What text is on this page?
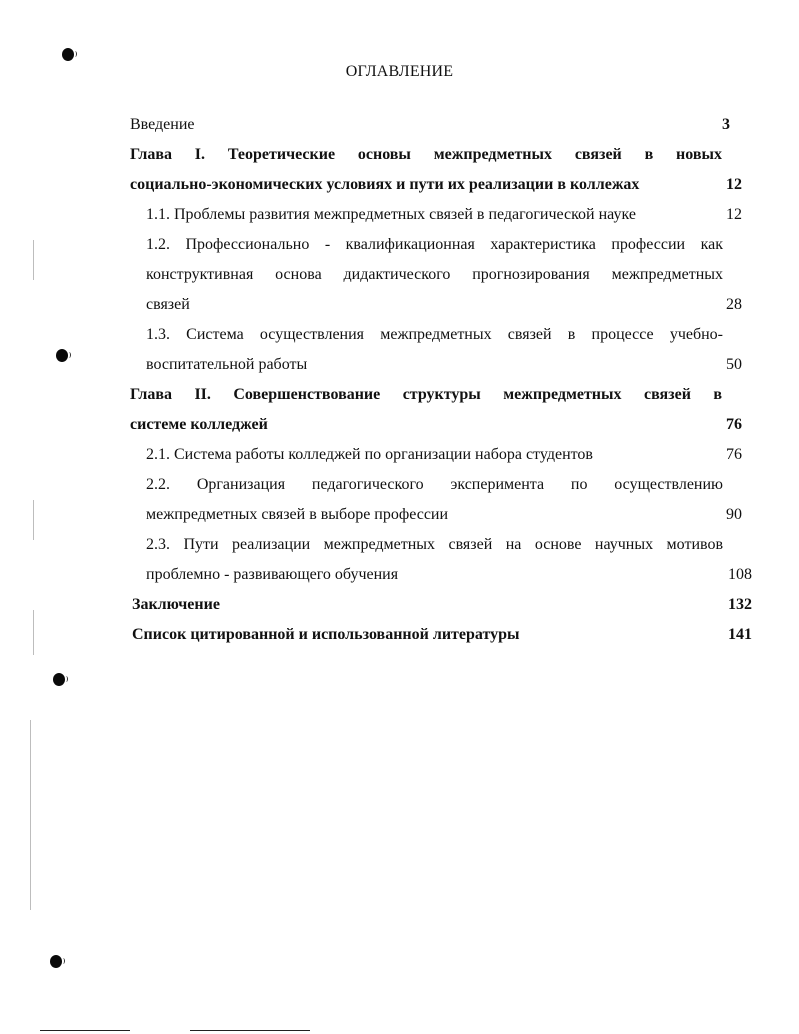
ОГЛАВЛЕНИЕ
Введение	3
Глава I. Теоретические основы межпредметных связей в новых
социально-экономических условиях и пути их реализации в коллежах	12
1.1. Проблемы развития межпредметных связей в педагогической науке	12
1.2. Профессионально - квалификационная характеристика профессии как
конструктивная основа дидактического прогнозирования межпредметных
связей	28
1.3. Система осуществления межпредметных связей в процессе учебно-
воспитательной работы	50
Глава II. Совершенствование структуры межпредметных связей в
системе колледжей	76
2.1. Система работы колледжей по организации набора студентов	76
2.2. Организация педагогического эксперимента по осуществлению
межпредметных связей в выборе профессии	90
2.3. Пути реализации межпредметных связей на основе научных мотивов
проблемно - развивающего обучения	108
Заключение	132
Список цитированной и использованной литературы	141
